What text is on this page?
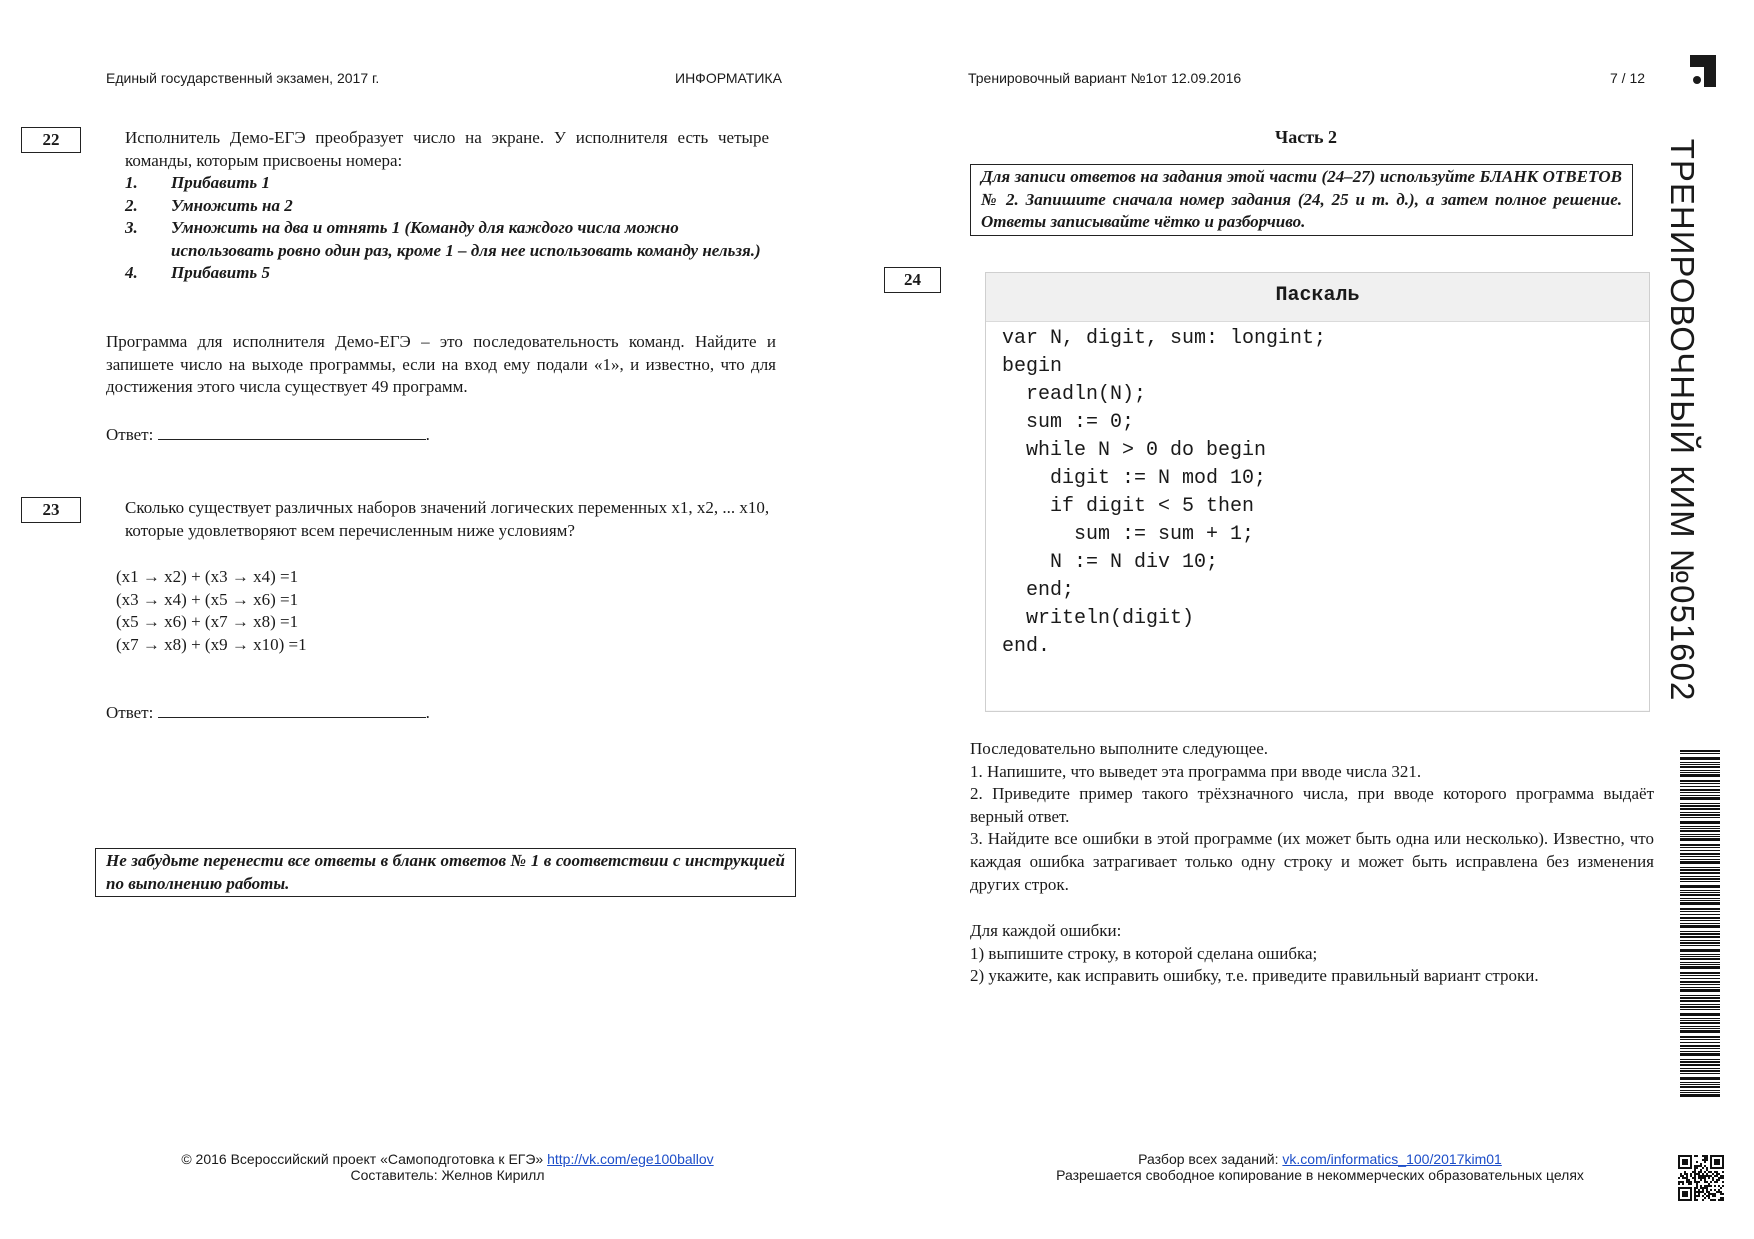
Единый государственный экзамен, 2017 г.	ИНФОРМАТИКА	Тренировочный вариант №1от 12.09.2016	7 / 12
22	Исполнитель Демо-ЕГЭ преобразует число на экране. У исполнителя есть четыре команды, которым присвоены номера:
1. Прибавить 1
2. Умножить на 2
3. Умножить на два и отнять 1 (Команду для каждого числа можно использовать ровно один раз, кроме 1 – для нее использовать команду нельзя.)
4. Прибавить 5
Программа для исполнителя Демо-ЕГЭ – это последовательность команд. Найдите и запишете число на выходе программы, если на вход ему подали «1», и известно, что для достижения этого числа существует 49 программ.
Ответ:	.
23	Сколько существует различных наборов значений логических переменных x1, x2, ... x10, которые удовлетворяют всем перечисленным ниже условиям?
(x1 → x2) + (x3 → x4) =1
(x3 → x4) + (x5 → x6) =1
(x5 → x6) + (x7 → x8) =1
(x7 → x8) + (x9 → x10) =1
Ответ:	.
Не забудьте перенести все ответы в бланк ответов № 1 в соответствии с инструкцией по выполнению работы.
Часть 2
Для записи ответов на задания этой части (24–27) используйте БЛАНК ОТВЕТОВ № 2. Запишите сначала номер задания (24, 25 и т. д.), а затем полное решение. Ответы записывайте чётко и разборчиво.
24
Паскаль
var N, digit, sum: longint;
begin
readln(N);
sum := 0;
while N > 0 do begin
digit := N mod 10;
if digit < 5 then
sum := sum + 1;
N := N div 10;
end;
writeln(digit)
end.
Последовательно выполните следующее.
1. Напишите, что выведет эта программа при вводе числа 321.
2. Приведите пример такого трёхзначного числа, при вводе которого программа выдаёт верный ответ.
3. Найдите все ошибки в этой программе (их может быть одна или несколько). Известно, что каждая ошибка затрагивает только одну строку и может быть исправлена без изменения других строк.
Для каждой ошибки:
1) выпишите строку, в которой сделана ошибка;
2) укажите, как исправить ошибку, т.е. приведите правильный вариант строки.
ТРЕНИРОВОЧНЫЙ КИМ №051602
© 2016 Всероссийский проект «Самоподготовка к ЕГЭ» http://vk.com/ege100ballov
Составитель: Желнов Кирилл
Разбор всех заданий: vk.com/informatics_100/2017kim01
Разрешается свободное копирование в некоммерческих образовательных целях
